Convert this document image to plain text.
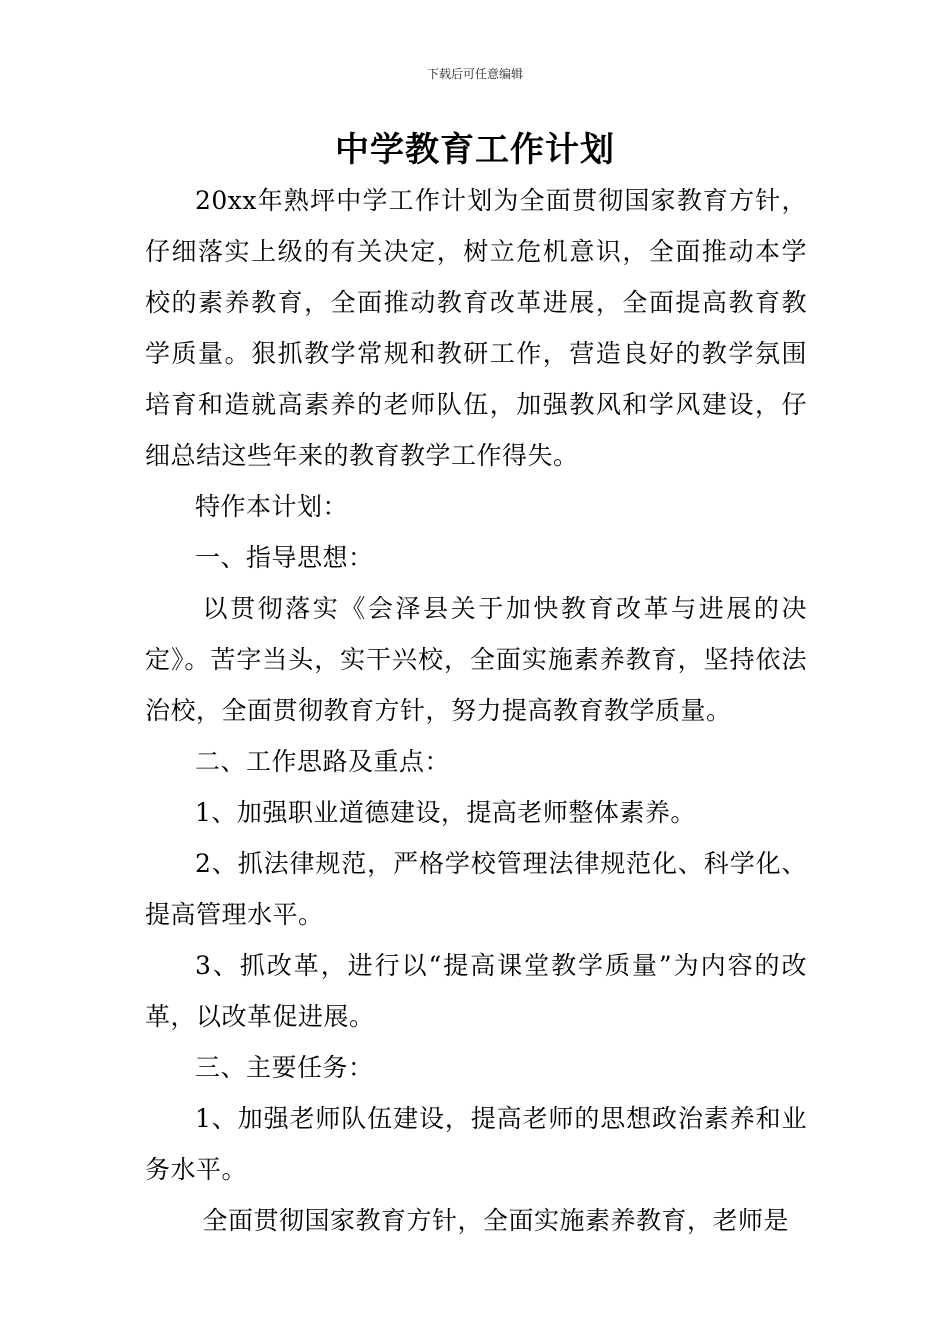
下载后可任意编辑
中学教育工作计划

20xx年熟坪中学工作计划为全面贯彻国家教育方针，仔细落实上级的有关决定，树立危机意识，全面推动本学校的素养教育，全面推动教育改革进展，全面提高教育教学质量。狠抓教学常规和教研工作，营造良好的教学氛围培育和造就高素养的老师队伍，加强教风和学风建设，仔细总结这些年来的教育教学工作得失。

特作本计划：

一、指导思想：

以贯彻落实《会泽县关于加快教育改革与进展的决定》。苦字当头，实干兴校，全面实施素养教育，坚持依法治校，全面贯彻教育方针，努力提高教育教学质量。

二、工作思路及重点：

1、加强职业道德建设，提高老师整体素养。

2、抓法律规范，严格学校管理法律规范化、科学化、提高管理水平。

3、抓改革，进行以“提高课堂教学质量”为内容的改革，以改革促进展。

三、主要任务：

1、加强老师队伍建设，提高老师的思想政治素养和业务水平。

全面贯彻国家教育方针，全面实施素养教育，老师是
